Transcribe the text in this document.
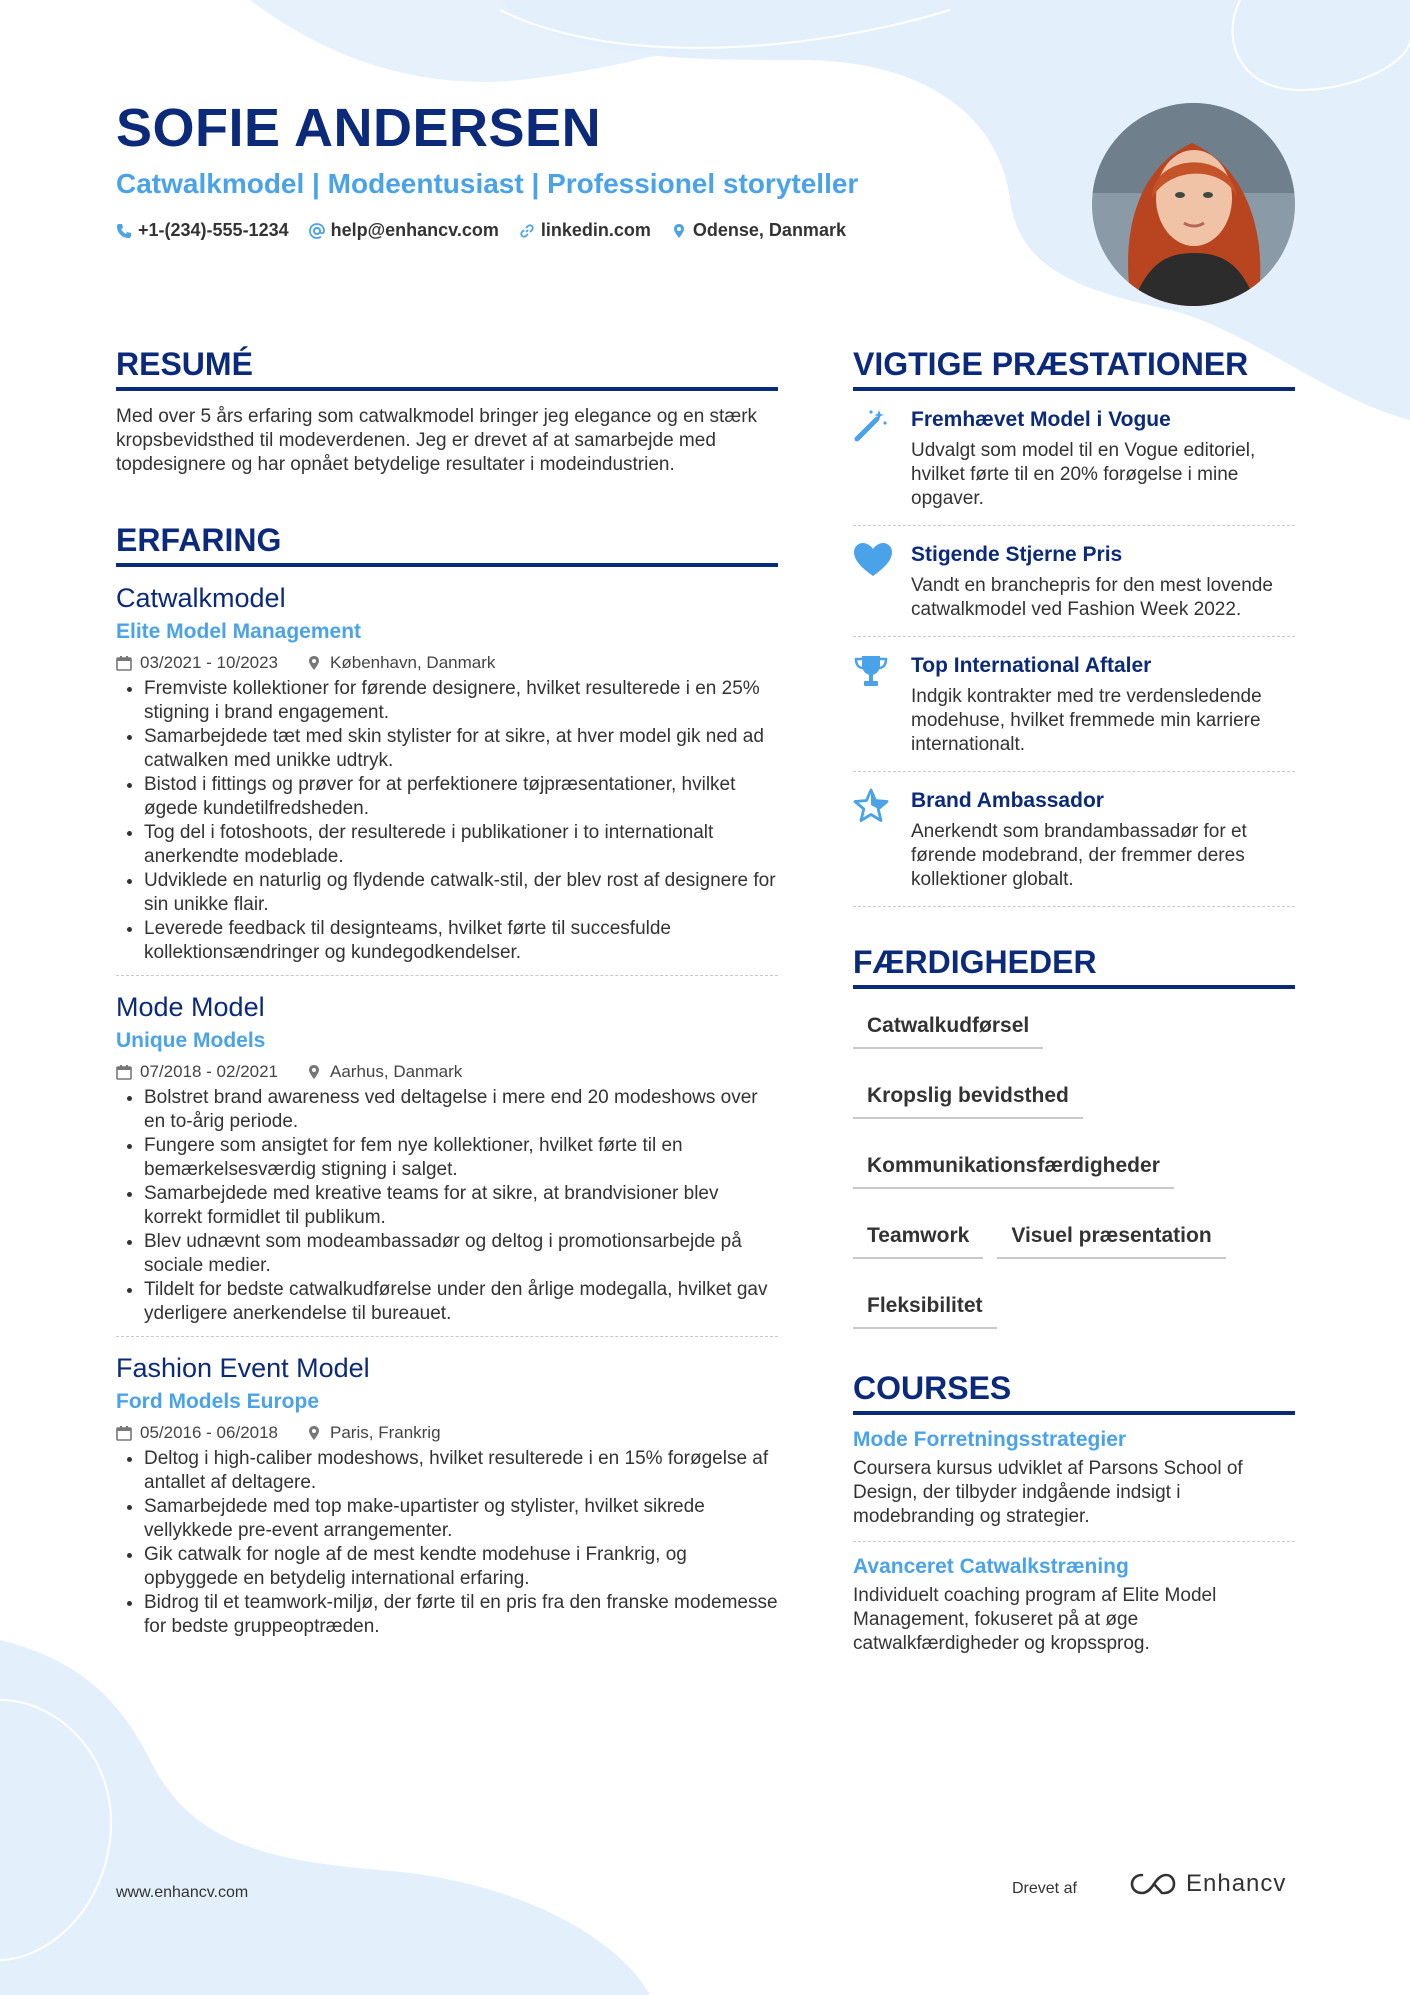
SOFIE ANDERSEN
Catwalkmodel | Modeentusiast | Professionel storyteller
+1-(234)-555-1234 help@enhancv.com linkedin.com Odense, Danmark
RESUMÉ
Med over 5 års erfaring som catwalkmodel bringer jeg elegance og en stærk kropsbevidsthed til modeverdenen. Jeg er drevet af at samarbejde med topdesignere og har opnået betydelige resultater i modeindustrien.
ERFARING
Catwalkmodel
Elite Model Management
03/2021 - 10/2023	København, Danmark
• Fremviste kollektioner for førende designere, hvilket resulterede i en 25% stigning i brand engagement.
• Samarbejdede tæt med skin stylister for at sikre, at hver model gik ned ad catwalken med unikke udtryk.
• Bistod i fittings og prøver for at perfektionere tøjpræsentationer, hvilket øgede kundetilfredsheden.
• Tog del i fotoshoots, der resulterede i publikationer i to internationalt anerkendte modeblade.
• Udviklede en naturlig og flydende catwalk-stil, der blev rost af designere for sin unikke flair.
• Leverede feedback til designteams, hvilket førte til succesfulde kollektionsændringer og kundegodkendelser.
Mode Model
Unique Models
07/2018 - 02/2021	Aarhus, Danmark
• Bolstret brand awareness ved deltagelse i mere end 20 modeshows over en to-årig periode.
• Fungere som ansigtet for fem nye kollektioner, hvilket førte til en bemærkelsesværdig stigning i salget.
• Samarbejdede med kreative teams for at sikre, at brandvisioner blev korrekt formidlet til publikum.
• Blev udnævnt som modeambassadør og deltog i promotionsarbejde på sociale medier.
• Tildelt for bedste catwalkudførelse under den årlige modegalla, hvilket gav yderligere anerkendelse til bureauet.
Fashion Event Model
Ford Models Europe
05/2016 - 06/2018	Paris, Frankrig
• Deltog i high-caliber modeshows, hvilket resulterede i en 15% forøgelse af antallet af deltagere.
• Samarbejdede med top make-upartister og stylister, hvilket sikrede vellykkede pre-event arrangementer.
• Gik catwalk for nogle af de mest kendte modehuse i Frankrig, og opbyggede en betydelig international erfaring.
• Bidrog til et teamwork-miljø, der førte til en pris fra den franske modemesse for bedste gruppeoptræden.
VIGTIGE PRÆSTATIONER
Fremhævet Model i Vogue
Udvalgt som model til en Vogue editoriel, hvilket førte til en 20% forøgelse i mine opgaver.
Stigende Stjerne Pris
Vandt en branchepris for den mest lovende catwalkmodel ved Fashion Week 2022.
Top International Aftaler
Indgik kontrakter med tre verdensledende modehuse, hvilket fremmede min karriere internationalt.
Brand Ambassador
Anerkendt som brandambassadør for et førende modebrand, der fremmer deres kollektioner globalt.
FÆRDIGHEDER
Catwalkudførsel
Kropslig bevidsthed
Kommunikationsfærdigheder
Teamwork	Visuel præsentation
Fleksibilitet
COURSES
Mode Forretningsstrategier
Coursera kursus udviklet af Parsons School of Design, der tilbyder indgående indsigt i modebranding og strategier.
Avanceret Catwalkstræning
Individuelt coaching program af Elite Model Management, fokuseret på at øge catwalkfærdigheder og kropssprog.
www.enhancv.com	Drevet af	Enhancv
